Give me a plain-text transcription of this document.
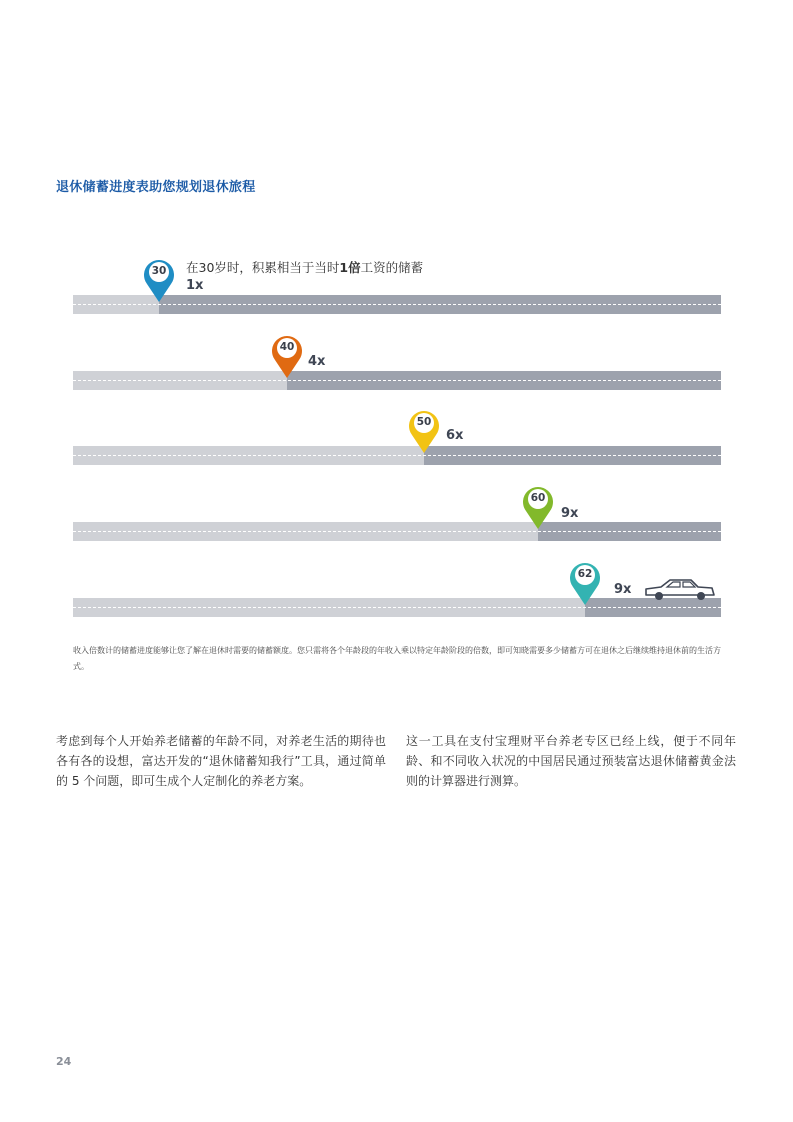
退休储蓄进度表助您规划退休旅程
在30岁时，积累相当于当时1倍工资的储蓄
30
1x
40
4x
50
6x
60
9x
62
9x
收入倍数计的储蓄进度能够让您了解在退休时需要的储蓄额度。您只需将各个年龄段的年收入乘以特定年龄阶段的倍数，即可知晓需要多少储蓄方可在退休之后继续维持退休前的生活方式。
考虑到每个人开始养老储蓄的年龄不同，对养老生活的期待也各有各的设想，富达开发的“退休储蓄知我行”工具，通过简单的 5 个问题，即可生成个人定制化的养老方案。
这一工具在支付宝理财平台养老专区已经上线，便于不同年龄、和不同收入状况的中国居民通过预装富达退休储蓄黄金法则的计算器进行测算。
24
